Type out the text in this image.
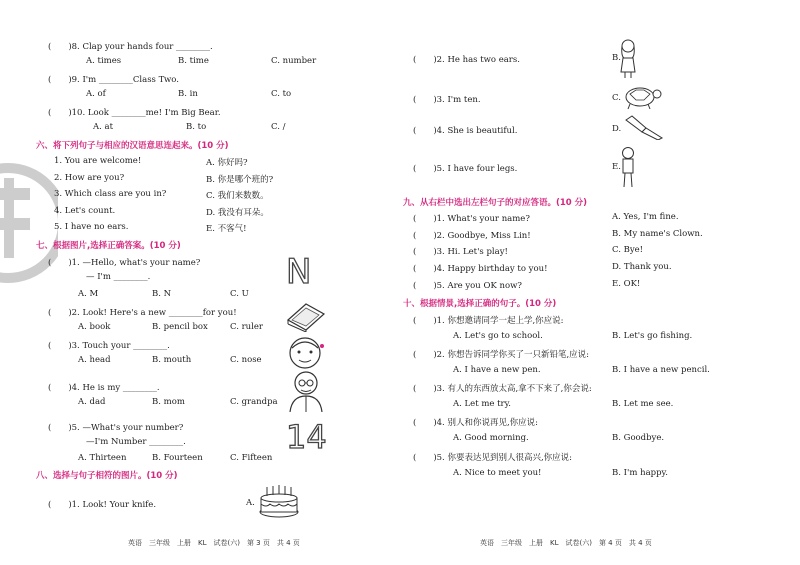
(　　)8. Clap your hands four ________.
A. times	B. time	C. number
(　　)9. I'm ________Class Two.
A. of	B. in	C. to
(　　)10. Look ________me! I'm Big Bear.
A. at	B. to	C. /
六、将下列句子与相应的汉语意思连起来。(10 分)
1. You are welcome!
2. How are you?
3. Which class are you in?
4. Let's count.
5. I have no ears.
A. 你好吗?
B. 你是哪个班的?
C. 我们来数数。
D. 我没有耳朵。
E. 不客气!
七、根据图片,选择正确答案。(10 分)
(　　)1. —Hello, what's your name?
— I'm ________.
A. M	B. N	C. U
N
(　　)2. Look! Here's a new ________for you!
A. book	B. pencil box	C. ruler
(　　)3. Touch your ________.
A. head	B. mouth	C. nose
(　　)4. He is my ________.
A. dad	B. mom	C. grandpa
(　　)5. —What's your number?
—I'm Number ________.
A. Thirteen	B. Fourteen	C. Fifteen
14
八、选择与句子相符的图片。(10 分)
(　　)1. Look! Your knife.	A.
英语　三年级　上册　KL　试卷(六)　第 3 页　共 4 页
(　　)2. He has two ears.	B.
(　　)3. I'm ten.	C.
(　　)4. She is beautiful.	D.
(　　)5. I have four legs.	E.
九、从右栏中选出左栏句子的对应答语。(10 分)
(　　)1. What's your name?
(　　)2. Goodbye, Miss Lin!
(　　)3. Hi. Let's play!
(　　)4. Happy birthday to you!
(　　)5. Are you OK now?
A. Yes, I'm fine.
B. My name's Clown.
C. Bye!
D. Thank you.
E. OK!
十、根据情景,选择正确的句子。(10 分)
(　　)1. 你想邀请同学一起上学,你应说:
A. Let's go to school.	B. Let's go fishing.
(　　)2. 你想告诉同学你买了一只新铅笔,应说:
A. I have a new pen.	B. I have a new pencil.
(　　)3. 有人的东西放太高,拿不下来了,你会说:
A. Let me try.	B. Let me see.
(　　)4. 别人和你说再见,你应说:
A. Good morning.	B. Goodbye.
(　　)5. 你要表达见到别人很高兴,你应说:
A. Nice to meet you!	B. I'm happy.
英语　三年级　上册　KL　试卷(六)　第 4 页　共 4 页
